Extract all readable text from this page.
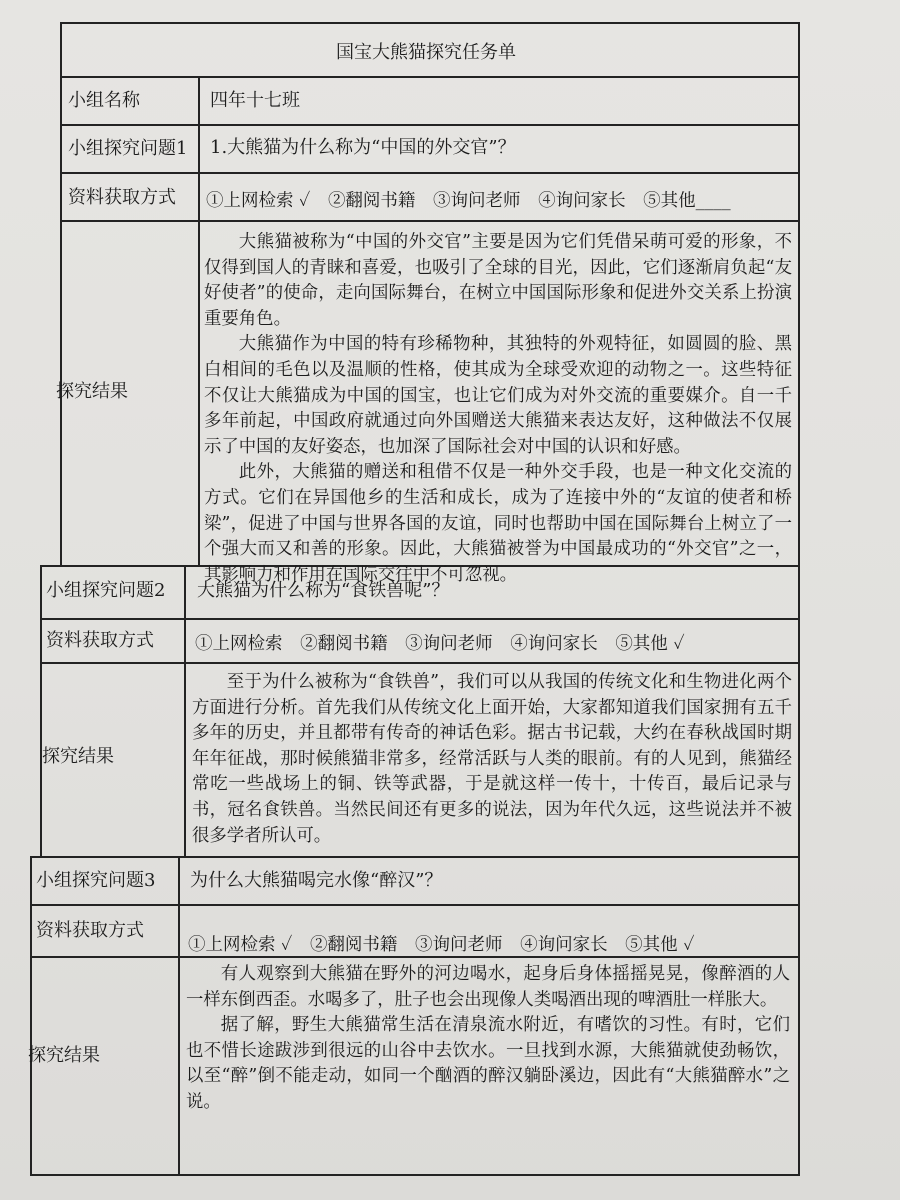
国宝大熊猫探究任务单
小组名称	四年十七班
小组探究问题1 1.大熊猫为什么称为“中国的外交官”？
资料获取方式 ①上网检索 ✓ ②翻阅书籍 ③询问老师 ④询问家长 ⑤其他____
探究结果

大熊猫被称为“中国的外交官”主要是因为它们凭借呆萌可爱的形象，不仅得到国人的青睐和喜爱，也吸引了全球的目光，因此，它们逐渐肩负起“友好使者”的使命，走向国际舞台，在树立中国国际形象和促进外交关系上扮演重要角色。

大熊猫作为中国的特有珍稀物种，其独特的外观特征，如圆圆的脸、黑白相间的毛色以及温顺的性格，使其成为全球受欢迎的动物之一。这些特征不仅让大熊猫成为中国的国宝，也让它们成为对外交流的重要媒介。自一千多年前起，中国政府就通过向外国赠送大熊猫来表达友好，这种做法不仅展示了中国的友好姿态，也加深了国际社会对中国的认识和好感。

此外，大熊猫的赠送和租借不仅是一种外交手段，也是一种文化交流的方式。它们在异国他乡的生活和成长，成为了连接中外的“友谊的使者和桥梁”，促进了中国与世界各国的友谊，同时也帮助中国在国际舞台上树立了一个强大而又和善的形象。因此，大熊猫被誉为中国最成功的“外交官”之一，其影响力和作用在国际交往中不可忽视。

小组探究问题2 大熊猫为什么称为“食铁兽呢”？
资料获取方式 ①上网检索 ②翻阅书籍 ③询问老师 ④询问家长 ⑤其他 ✓
探究结果

至于为什么被称为“食铁兽”，我们可以从我国的传统文化和生物进化两个方面进行分析。首先我们从传统文化上面开始，大家都知道我们国家拥有五千多年的历史，并且都带有传奇的神话色彩。据古书记载，大约在春秋战国时期年年征战，那时候熊猫非常多，经常活跃与人类的眼前。有的人见到，熊猫经常吃一些战场上的铜、铁等武器，于是就这样一传十，十传百，最后记录与书，冠名食铁兽。当然民间还有更多的说法，因为年代久远，这些说法并不被很多学者所认可。

小组探究问题3 为什么大熊猫喝完水像“醉汉”？
资料获取方式
①上网检索 ✓ ②翻阅书籍 ③询问老师 ④询问家长 ⑤其他 ✓
探究结果

有人观察到大熊猫在野外的河边喝水，起身后身体摇摇晃晃，像醉酒的人一样东倒西歪。水喝多了，肚子也会出现像人类喝酒出现的啤酒肚一样胀大。

据了解，野生大熊猫常生活在清泉流水附近，有嗜饮的习性。有时，它们也不惜长途跋涉到很远的山谷中去饮水。一旦找到水源，大熊猫就使劲畅饮，以至“醉”倒不能走动，如同一个酗酒的醉汉躺卧溪边，因此有“大熊猫醉水”之说。
